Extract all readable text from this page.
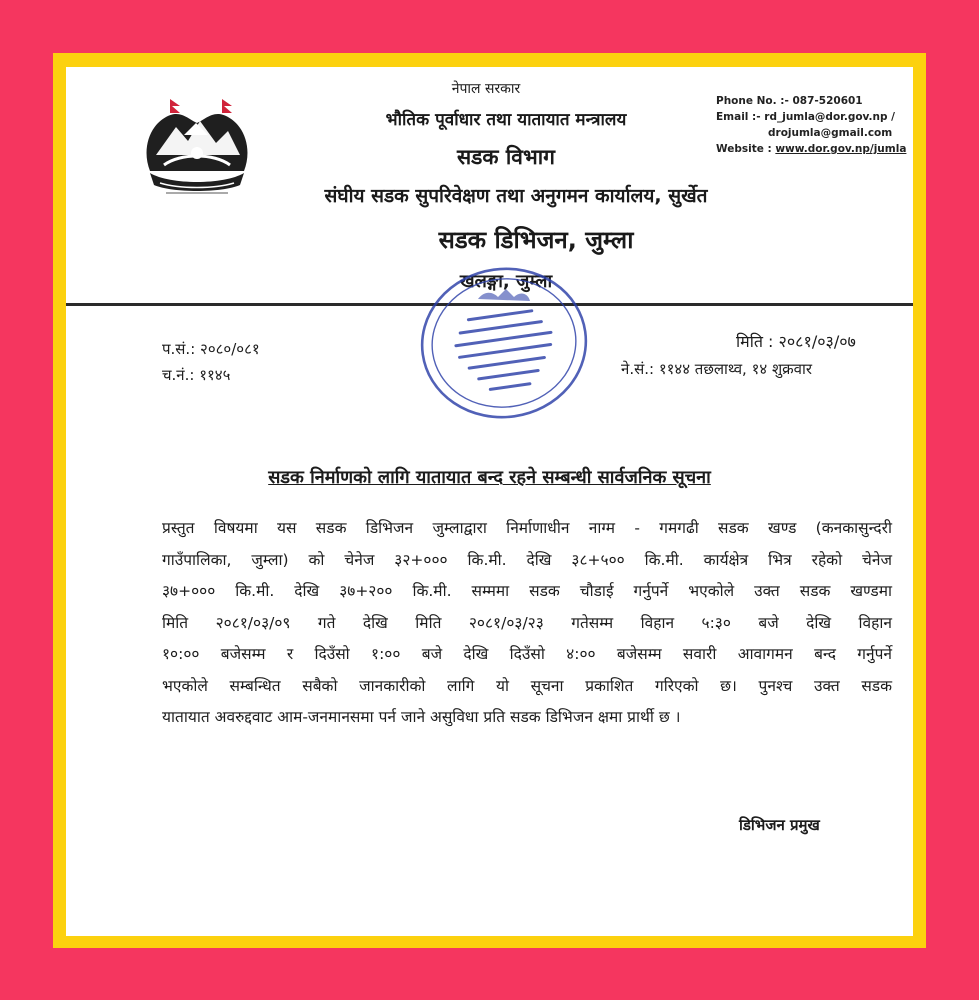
नेपाल सरकार
भौतिक पूर्वाधार तथा यातायात मन्त्रालय
सडक विभाग
संघीय सडक सुपरिवेक्षण तथा अनुगमन कार्यालय, सुर्खेत
सडक डिभिजन, जुम्ला
खलङ्गा, जुम्ला
Phone No. :- 087-520601
Email :- rd_jumla@dor.gov.np /
drojumla@gmail.com
Website : www.dor.gov.np/jumla
प.सं.: २०८०/०८१
च.नं.: ११४५
मिति : २०८१/०३/०७
ने.सं.: ११४४ तछलाथ्व, १४ शुक्रवार
सडक निर्माणको लागि यातायात बन्द रहने सम्बन्धी सार्वजनिक सूचना
प्रस्तुत विषयमा यस सडक डिभिजन जुम्लाद्वारा निर्माणाधीन नाग्म - गमगढी सडक खण्ड (कनकासुन्दरी
गाउँपालिका, जुम्ला) को चेनेज ३२+००० कि.मी. देखि ३८+५०० कि.मी. कार्यक्षेत्र भित्र रहेको चेनेज
३७+००० कि.मी. देखि ३७+२०० कि.मी. सम्ममा सडक चौडाई गर्नुपर्ने भएकोले उक्त सडक खण्डमा
मिति २०८१/०३/०९ गते देखि मिति २०८१/०३/२३ गतेसम्म विहान ५:३० बजे देखि विहान
१०:०० बजेसम्म र दिउँसो १:०० बजे देखि दिउँसो ४:०० बजेसम्म सवारी आवागमन बन्द गर्नुपर्ने
भएकोले सम्बन्धित सबैको जानकारीको लागि यो सूचना प्रकाशित गरिएको छ। पुनश्च उक्त सडक
यातायात अवरुद्दवाट आम-जनमानसमा पर्न जाने असुविधा प्रति सडक डिभिजन क्षमा प्रार्थी छ ।
डिभिजन प्रमुख
